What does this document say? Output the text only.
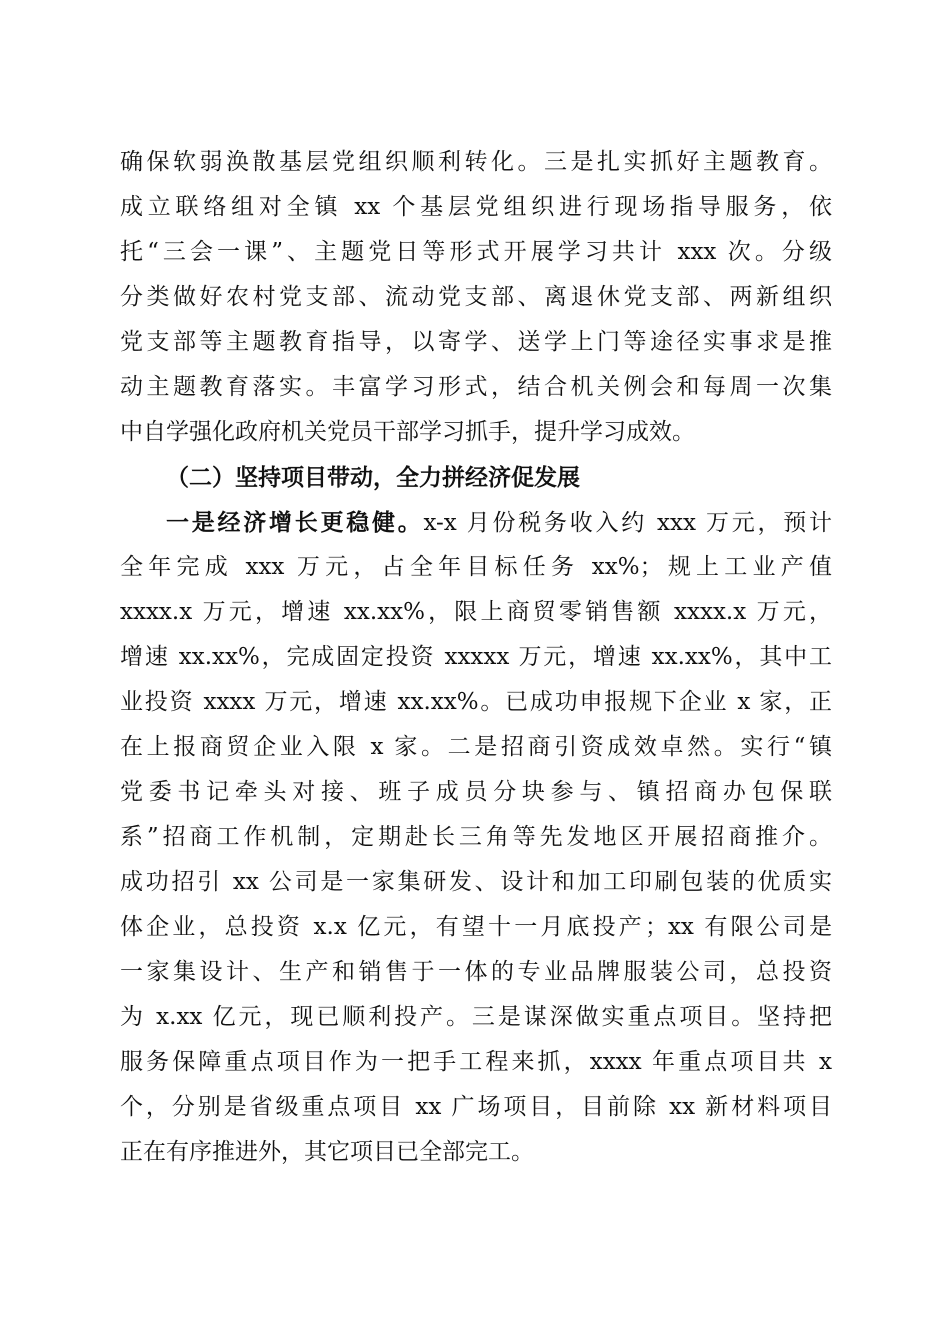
确保软弱涣散基层党组织顺利转化。三是扎实抓好主题教育。
成立联络组对全镇 xx 个基层党组织进行现场指导服务，依
托“三会一课”、主题党日等形式开展学习共计 xxx 次。分级
分类做好农村党支部、流动党支部、离退休党支部、两新组织
党支部等主题教育指导，以寄学、送学上门等途径实事求是推
动主题教育落实。丰富学习形式，结合机关例会和每周一次集
中自学强化政府机关党员干部学习抓手，提升学习成效。
（二）坚持项目带动，全力拼经济促发展
一是经济增长更稳健。x-x 月份税务收入约 xxx 万元，预计
全年完成 xxx 万元，占全年目标任务 xx%；规上工业产值
xxxx.x 万元，增速 xx.xx%，限上商贸零销售额 xxxx.x 万元，
增速 xx.xx%，完成固定投资 xxxxx 万元，增速 xx.xx%，其中工
业投资 xxxx 万元，增速 xx.xx%。已成功申报规下企业 x 家，正
在上报商贸企业入限 x 家。二是招商引资成效卓然。实行“镇
党委书记牵头对接、班子成员分块参与、镇招商办包保联
系”招商工作机制，定期赴长三角等先发地区开展招商推介。
成功招引 xx 公司是一家集研发、设计和加工印刷包装的优质实
体企业，总投资 x.x 亿元，有望十一月底投产；xx 有限公司是
一家集设计、生产和销售于一体的专业品牌服装公司，总投资
为 x.xx 亿元，现已顺利投产。三是谋深做实重点项目。坚持把
服务保障重点项目作为一把手工程来抓，xxxx 年重点项目共 x
个，分别是省级重点项目 xx 广场项目，目前除 xx 新材料项目
正在有序推进外，其它项目已全部完工。
